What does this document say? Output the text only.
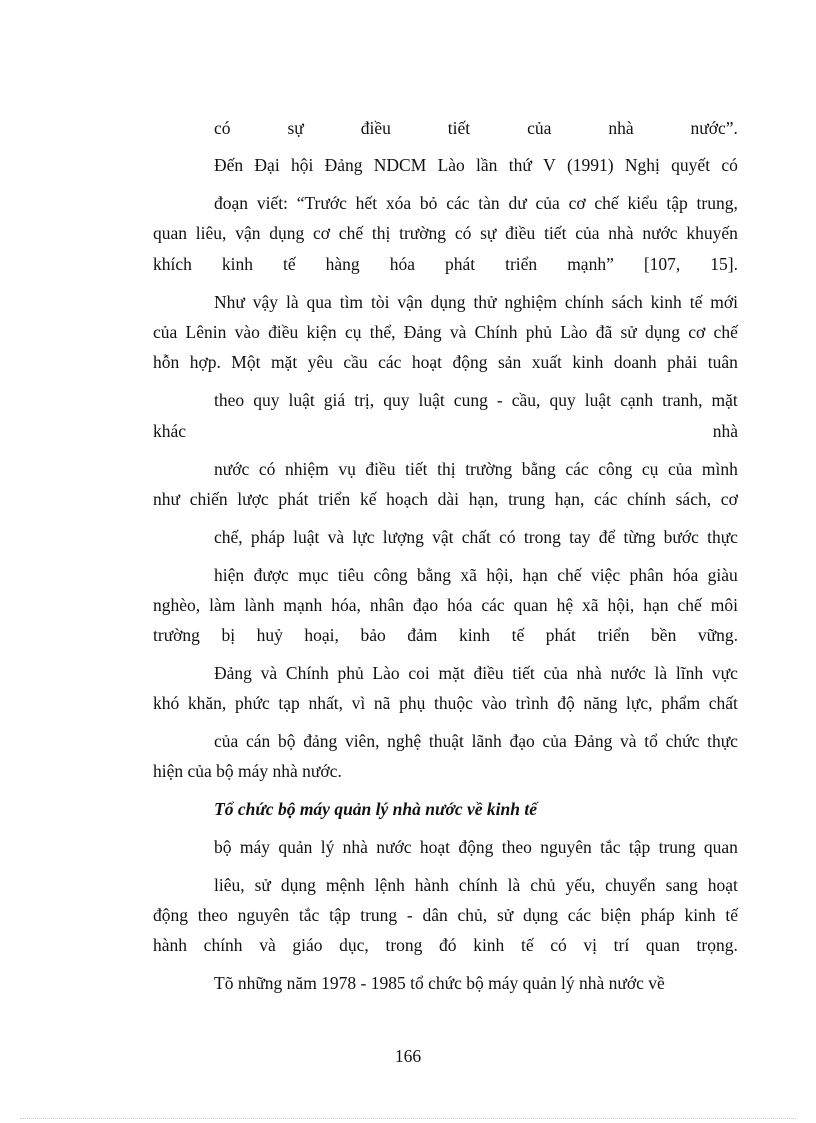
có	sự	điều	tiết	của	nhà	nước”.
Đến Đại hội Đảng NDCM Lào lần thứ V (1991) Nghị quyết có
đoạn viết: “Trước hết xóa bỏ các tàn dư của cơ chế kiểu tập trung,
quan liêu, vận dụng cơ chế thị trường có sự điều tiết của nhà nước khuyến
khích kinh tế hàng hóa phát triển mạnh” [107, 15].
Như vậy là qua tìm tòi vận dụng thử nghiệm chính sách kinh tế mới
của Lênin vào điều kiện cụ thể, Đảng và Chính phủ Lào đã sử dụng cơ chế
hỗn hợp. Một mặt yêu cầu các hoạt động sản xuất kinh doanh phải tuân
theo quy luật giá trị, quy luật cung - cầu, quy luật cạnh tranh, mặt
khác	nhà
nước có nhiệm vụ điều tiết thị trường bằng các công cụ của mình
như chiến lược phát triển kế hoạch dài hạn, trung hạn, các chính sách, cơ
chế, pháp luật và lực lượng vật chất có trong tay để từng bước thực
hiện được mục tiêu công bằng xã hội, hạn chế việc phân hóa giàu
nghèo, làm lành mạnh hóa, nhân đạo hóa các quan hệ xã hội, hạn chế môi
trường bị huỷ hoại, bảo đảm kinh tế phát triển bền vững.
Đảng và Chính phủ Lào coi mặt điều tiết của nhà nước là lĩnh vực
khó khăn, phức tạp nhất, vì nã phụ thuộc vào trình độ năng lực, phẩm chất
của cán bộ đảng viên, nghệ thuật lãnh đạo của Đảng và tổ chức thực
hiện của bộ máy nhà nước.
Tổ chức bộ máy quản lý nhà nước về kinh tế
bộ máy quản lý nhà nước hoạt động theo nguyên tắc tập trung quan
liêu, sử dụng mệnh lệnh hành chính là chủ yếu, chuyển sang hoạt
động theo nguyên tắc tập trung - dân chủ, sử dụng các biện pháp kinh tế
hành chính và giáo dục, trong đó kinh tế có vị trí quan trọng.
Tõ những năm 1978 - 1985 tổ chức bộ máy quản lý nhà nước về
166
